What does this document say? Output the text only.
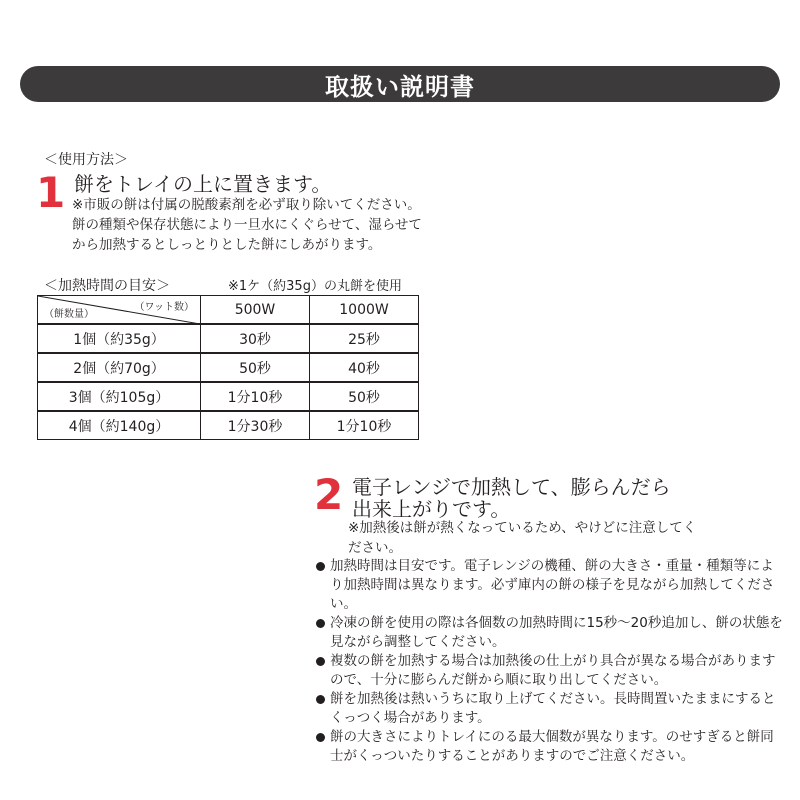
取扱い説明書
＜使用方法＞
1 餅をトレイの上に置きます。
※市販の餅は付属の脱酸素剤を必ず取り除いてください。餅の種類や保存状態により一旦水にくぐらせて、湿らせてから加熱するとしっとりとした餅にしあがります。
＜加熱時間の目安＞	※1ケ（約35g）の丸餅を使用
（ワット数）
（餅数量）	500W	1000W
1個（約35g）	30秒	25秒
2個（約70g）	50秒	40秒
3個（約105g）	1分10秒	50秒
4個（約140g）	1分30秒	1分10秒
2 電子レンジで加熱して、膨らんだら
出来上がりです。
※加熱後は餅が熱くなっているため、やけどに注意してください。
加熱時間は目安です。電子レンジの機種、餅の大きさ・重量・種類等により加熱時間は異なります。必ず庫内の餅の様子を見ながら加熱してください。
冷凍の餅を使用の際は各個数の加熱時間に15秒〜20秒追加し、餅の状態を見ながら調整してください。
複数の餅を加熱する場合は加熱後の仕上がり具合が異なる場合がありますので、十分に膨らんだ餅から順に取り出してください。
餅を加熱後は熱いうちに取り上げてください。長時間置いたままにするとくっつく場合があります。
餅の大きさによりトレイにのる最大個数が異なります。のせすぎると餅同士がくっついたりすることがありますのでご注意ください。
